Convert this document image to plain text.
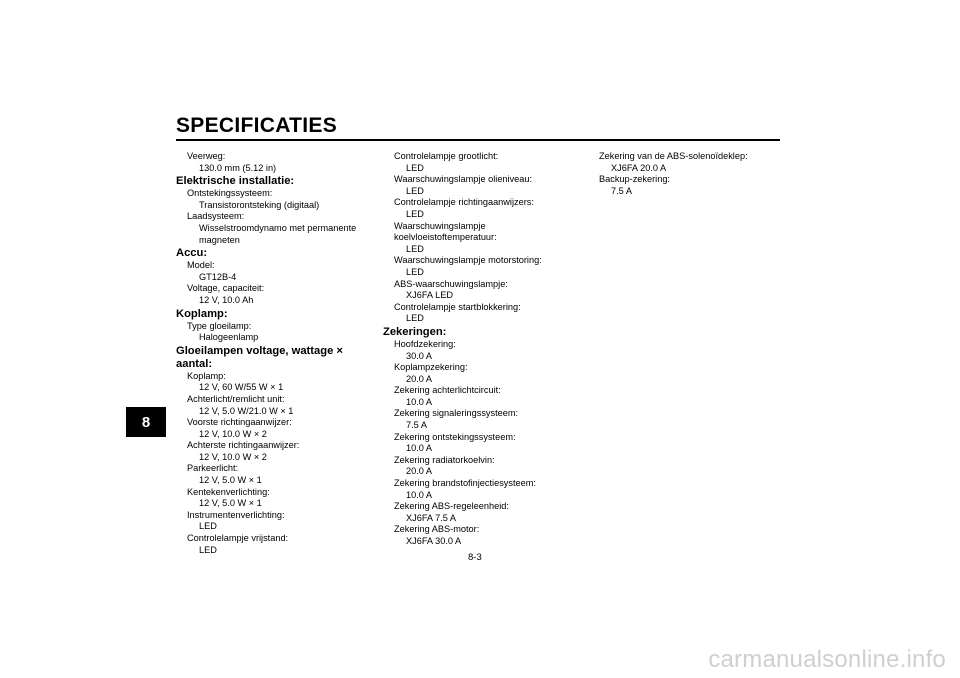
SPECIFICATIES
8
Veerweg:
130.0 mm (5.12 in)
Elektrische installatie:
Ontstekingssysteem:
Transistorontsteking (digitaal)
Laadsysteem:
Wisselstroomdynamo met permanente
magneten
Accu:
Model:
GT12B-4
Voltage, capaciteit:
12 V, 10.0 Ah
Koplamp:
Type gloeilamp:
Halogeenlamp
Gloeilampen voltage, wattage × aantal:
Koplamp:
12 V, 60 W/55 W × 1
Achterlicht/remlicht unit:
12 V, 5.0 W/21.0 W × 1
Voorste richtingaanwijzer:
12 V, 10.0 W × 2
Achterste richtingaanwijzer:
12 V, 10.0 W × 2
Parkeerlicht:
12 V, 5.0 W × 1
Kentekenverlichting:
12 V, 5.0 W × 1
Instrumentenverlichting:
LED
Controlelampje vrijstand:
LED
Controlelampje grootlicht:
LED
Waarschuwingslampje olieniveau:
LED
Controlelampje richtingaanwijzers:
LED
Waarschuwingslampje
koelvloeistoftemperatuur:
LED
Waarschuwingslampje motorstoring:
LED
ABS-waarschuwingslampje:
XJ6FA LED
Controlelampje startblokkering:
LED
Zekeringen:
Hoofdzekering:
30.0 A
Koplampzekering:
20.0 A
Zekering achterlichtcircuit:
10.0 A
Zekering signaleringssysteem:
7.5 A
Zekering ontstekingssysteem:
10.0 A
Zekering radiatorkoelvin:
20.0 A
Zekering brandstofinjectiesysteem:
10.0 A
Zekering ABS-regeleenheid:
XJ6FA 7.5 A
Zekering ABS-motor:
XJ6FA 30.0 A
Zekering van de ABS-solenoïdeklep:
XJ6FA 20.0 A
Backup-zekering:
7.5 A
8-3
carmanualsonline.info
